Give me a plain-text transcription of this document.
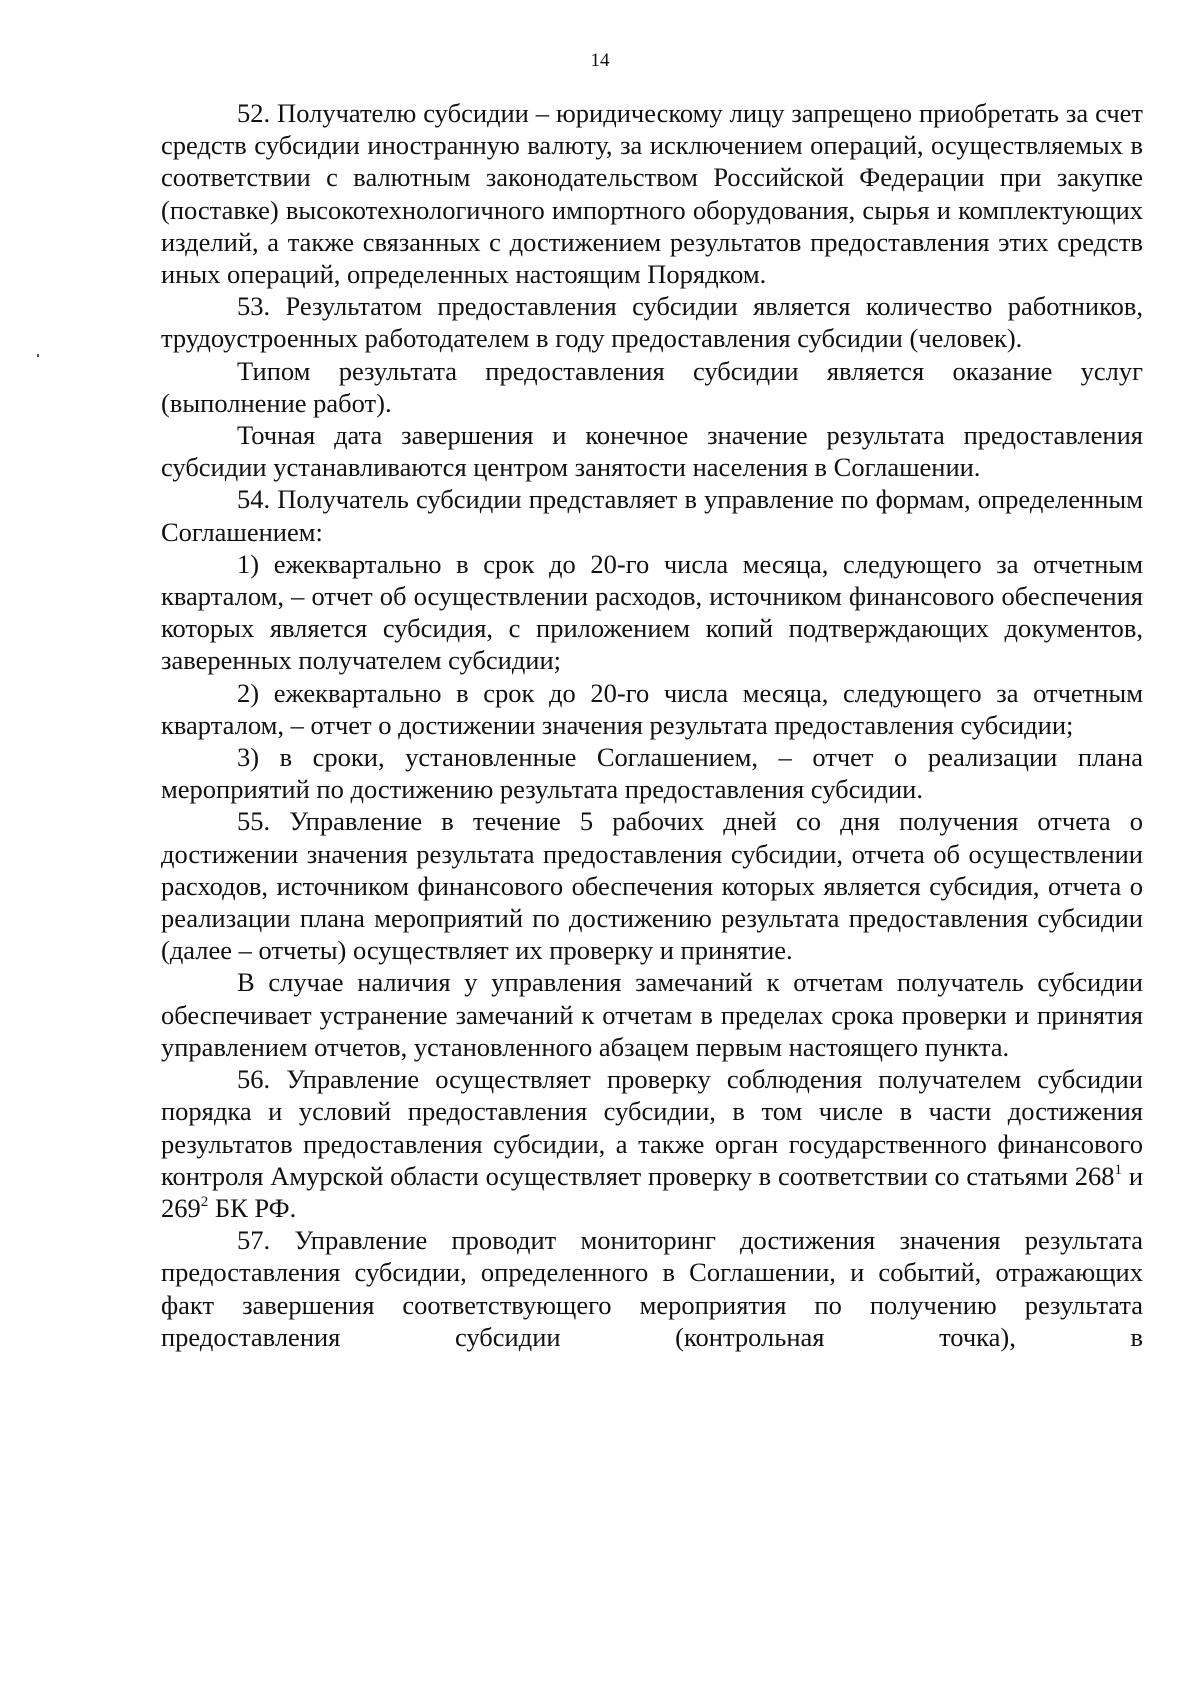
14

52. Получателю субсидии – юридическому лицу запрещено приобретать за счет средств субсидии иностранную валюту, за исключением операций, осуществляемых в соответствии с валютным законодательством Российской Федерации при закупке (поставке) высокотехнологичного импортного оборудования, сырья и комплектующих изделий, а также связанных с достижением результатов предоставления этих средств иных операций, определенных настоящим Порядком.

53. Результатом предоставления субсидии является количество работников, трудоустроенных работодателем в году предоставления субсидии (человек).

Типом результата предоставления субсидии является оказание услуг (выполнение работ).

Точная дата завершения и конечное значение результата предоставления субсидии устанавливаются центром занятости населения в Соглашении.

54. Получатель субсидии представляет в управление по формам, определенным Соглашением:

1) ежеквартально в срок до 20-го числа месяца, следующего за отчетным кварталом, – отчет об осуществлении расходов, источником финансового обеспечения которых является субсидия, с приложением копий подтверждающих документов, заверенных получателем субсидии;

2) ежеквартально в срок до 20-го числа месяца, следующего за отчетным кварталом, – отчет о достижении значения результата предоставления субсидии;

3) в сроки, установленные Соглашением, – отчет о реализации плана мероприятий по достижению результата предоставления субсидии.

55. Управление в течение 5 рабочих дней со дня получения отчета о достижении значения результата предоставления субсидии, отчета об осуществлении расходов, источником финансового обеспечения которых является субсидия, отчета о реализации плана мероприятий по достижению результата предоставления субсидии (далее – отчеты) осуществляет их проверку и принятие.

В случае наличия у управления замечаний к отчетам получатель субсидии обеспечивает устранение замечаний к отчетам в пределах срока проверки и принятия управлением отчетов, установленного абзацем первым настоящего пункта.

56. Управление осуществляет проверку соблюдения получателем субсидии порядка и условий предоставления субсидии, в том числе в части достижения результатов предоставления субсидии, а также орган государственного финансового контроля Амурской области осуществляет проверку в соответствии со статьями $268^1$ и $269^2$ БК РФ.

57. Управление проводит мониторинг достижения значения результата предоставления субсидии, определенного в Соглашении, и событий, отражающих факт завершения соответствующего мероприятия по получению результата предоставления субсидии (контрольная точка), в
